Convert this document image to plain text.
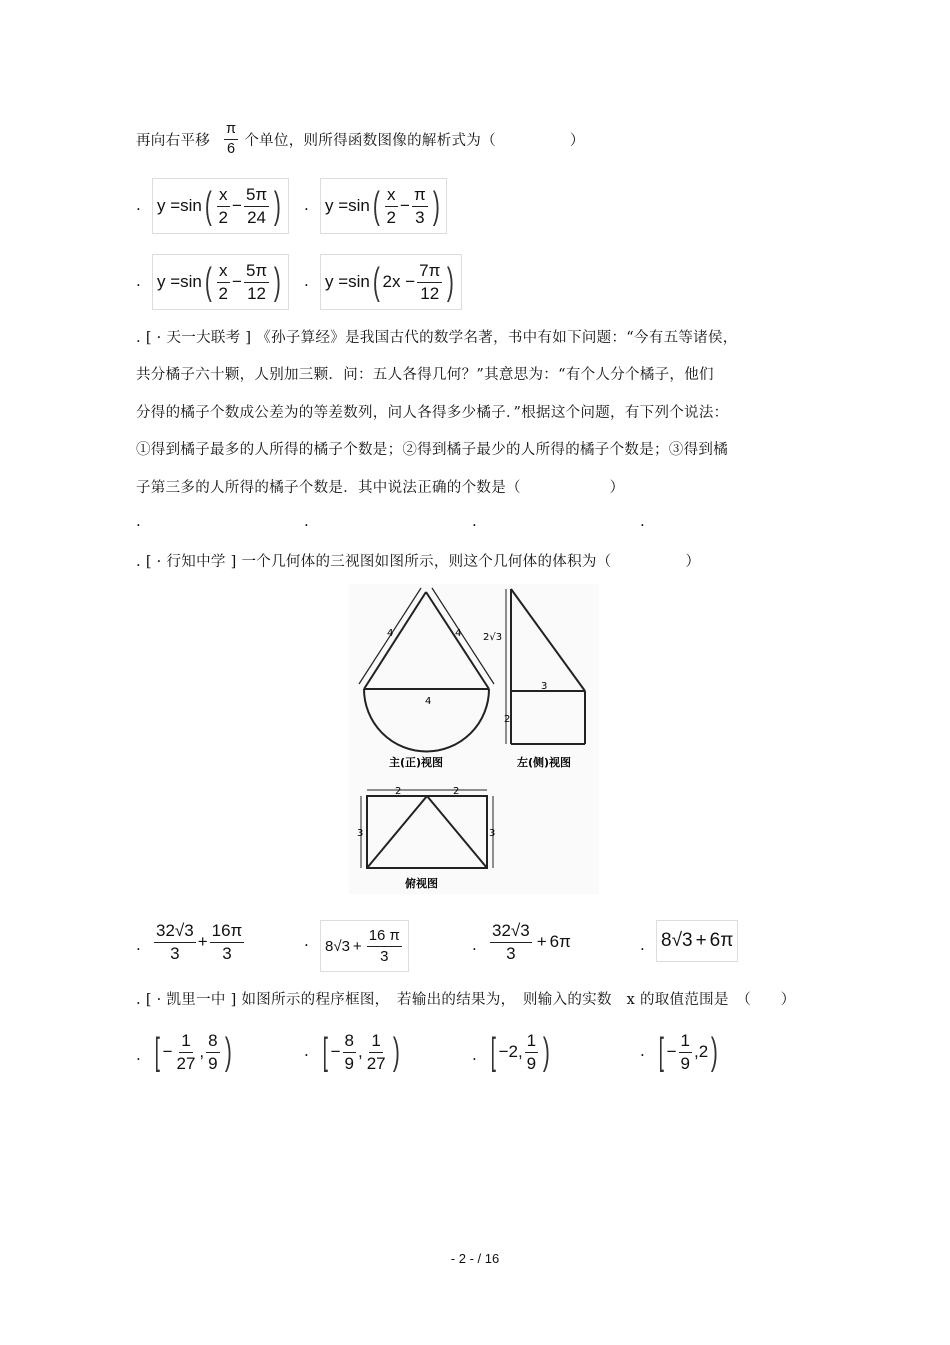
再向右平移 $\frac{\pi}{6}$ 个单位，则所得函数图像的解析式为（　　　　　）
. y =sin ( $\frac{x}{2} - \frac{5\pi}{24}$ ) . y =sin ( $\frac{x}{2} - \frac{\pi}{3}$ )
. y =sin ( $\frac{x}{2} - \frac{5\pi}{12}$ ) . y =sin ( $2x - \frac{7\pi}{12}$ )
. [ · 天一大联考 ] 《孙子算经》是我国古代的数学名著，书中有如下问题：“今有五等诸侯，
共分橘子六十颗，人别加三颗．问：五人各得几何？”其意思为：“有个人分个橘子，他们
分得的橘子个数成公差为的等差数列，问人各得多少橘子．”根据这个问题，有下列个说法：
①得到橘子最多的人所得的橘子个数是；②得到橘子最少的人所得的橘子个数是；③得到橘
子第三多的人所得的橘子个数是．其中说法正确的个数是（　　　　　　）
.	.	.	.
. [ · 行知中学 ] 一个几何体的三视图如图所示，则这个几何体的体积为（　　　　　）
4	4
4
主(正)视图
2√3
3
2
左(侧)视图
2	2
3	3
俯视图
. $\frac{32√3}{3} + \frac{16\pi}{3}$	· $8√3 + \frac{16 \pi}{3}$	. $\frac{32√3}{3} + 6\pi$	. 8√3 + 6π
. [ · 凯里一中 ] 如图所示的程序框图，　若输出的结果为，　则输入的实数　x 的取值范围是　（　　）
. [ − $\frac{1}{27}$ , $\frac{8}{9}$ )	· [ − $\frac{8}{9}$ , $\frac{1}{27}$ )	. [ −2, $\frac{1}{9}$ )	· [ − $\frac{1}{9}$ , 2 )
- 2 - / 16
